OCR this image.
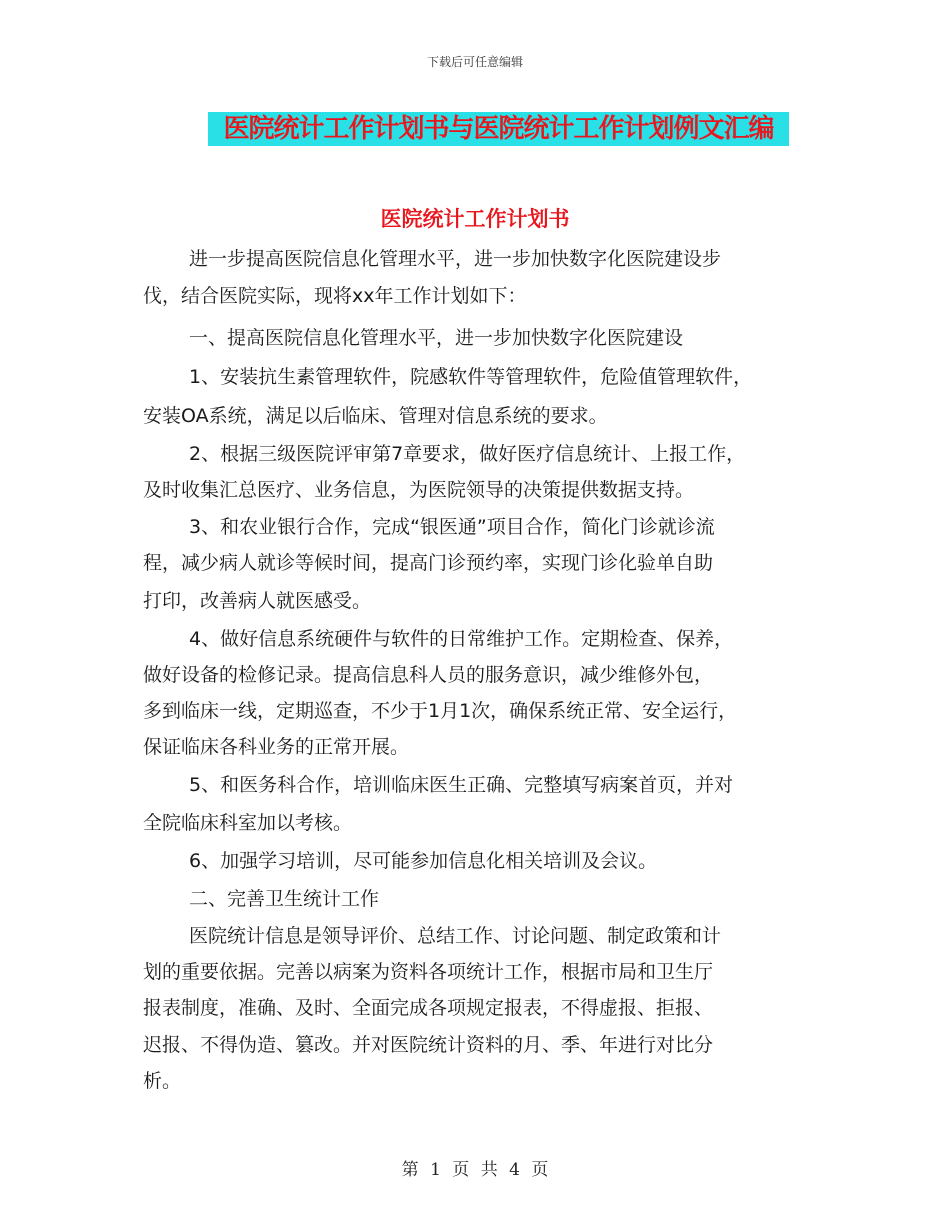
下载后可任意编辑
医院统计工作计划书与医院统计工作计划例文汇编
医院统计工作计划书
进一步提高医院信息化管理水平，进一步加快数字化医院建设步
伐，结合医院实际，现将xx年工作计划如下：
一、提高医院信息化管理水平，进一步加快数字化医院建设
1、安装抗生素管理软件，院感软件等管理软件，危险值管理软件，
安装OA系统，满足以后临床、管理对信息系统的要求。
2、根据三级医院评审第7章要求，做好医疗信息统计、上报工作，
及时收集汇总医疗、业务信息，为医院领导的决策提供数据支持。
3、和农业银行合作，完成“银医通”项目合作，简化门诊就诊流
程，减少病人就诊等候时间，提高门诊预约率，实现门诊化验单自助
打印，改善病人就医感受。
4、做好信息系统硬件与软件的日常维护工作。定期检查、保养，
做好设备的检修记录。提高信息科人员的服务意识，减少维修外包，
多到临床一线，定期巡查，不少于1月1次，确保系统正常、安全运行，
保证临床各科业务的正常开展。
5、和医务科合作，培训临床医生正确、完整填写病案首页，并对
全院临床科室加以考核。
6、加强学习培训，尽可能参加信息化相关培训及会议。
二、完善卫生统计工作
医院统计信息是领导评价、总结工作、讨论问题、制定政策和计
划的重要依据。完善以病案为资料各项统计工作，根据市局和卫生厅
报表制度，准确、及时、全面完成各项规定报表，不得虚报、拒报、
迟报、不得伪造、篡改。并对医院统计资料的月、季、年进行对比分
析。
第 1 页 共 4 页
